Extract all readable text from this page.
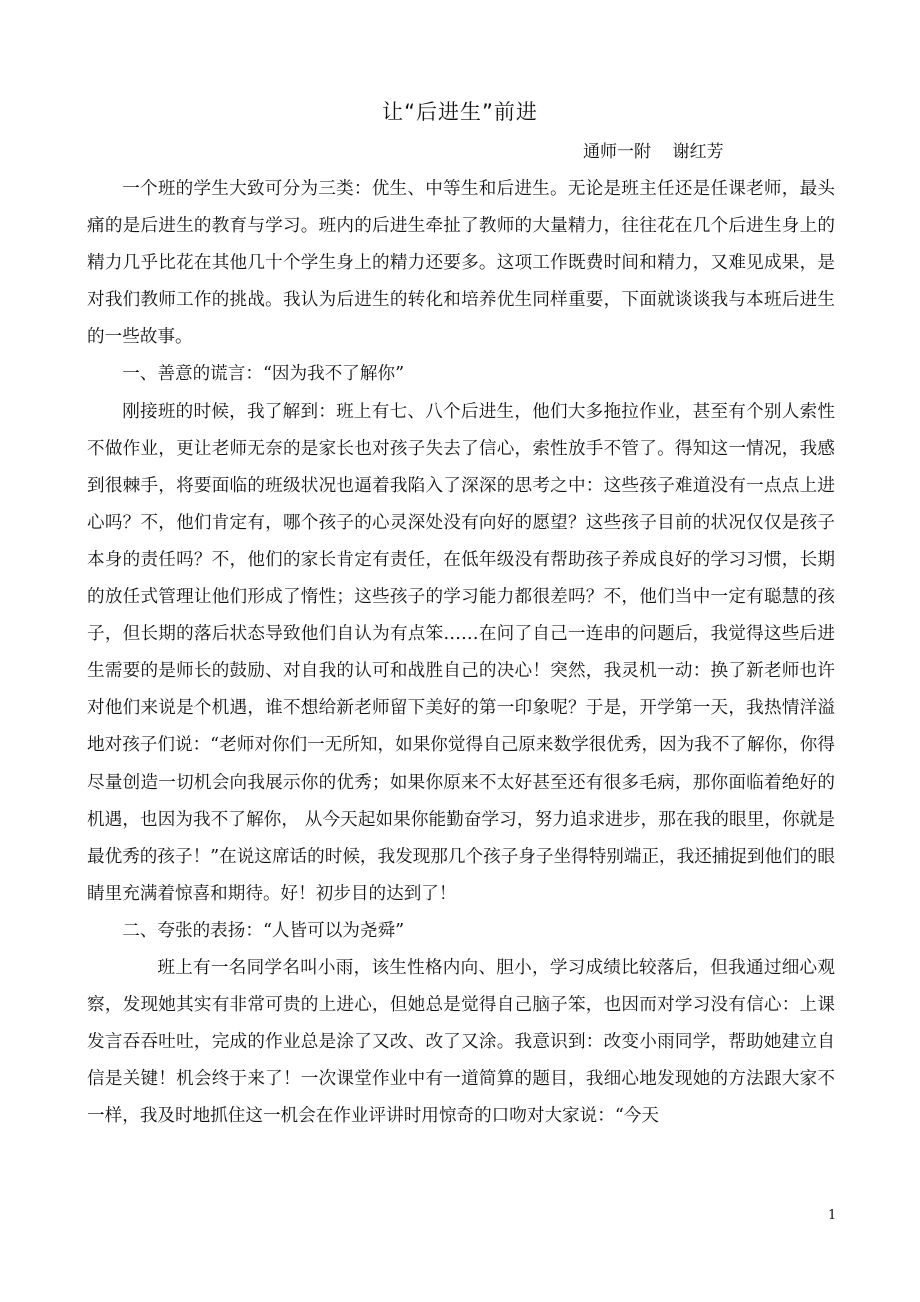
让“后进生”前进
通师一附    谢红芳

一个班的学生大致可分为三类：优生、中等生和后进生。无论是班主任还是任课老师，最头痛的是后进生的教育与学习。班内的后进生牵扯了教师的大量精力，往往花在几个后进生身上的精力几乎比花在其他几十个学生身上的精力还要多。这项工作既费时间和精力，又难见成果，是对我们教师工作的挑战。我认为后进生的转化和培养优生同样重要，下面就谈谈我与本班后进生的一些故事。

一、善意的谎言：“因为我不了解你”

刚接班的时候，我了解到：班上有七、八个后进生，他们大多拖拉作业，甚至有个别人索性不做作业，更让老师无奈的是家长也对孩子失去了信心，索性放手不管了。得知这一情况，我感到很棘手，将要面临的班级状况也逼着我陷入了深深的思考之中：这些孩子难道没有一点点上进心吗？不，他们肯定有，哪个孩子的心灵深处没有向好的愿望？这些孩子目前的状况仅仅是孩子本身的责任吗？不，他们的家长肯定有责任，在低年级没有帮助孩子养成良好的学习习惯，长期的放任式管理让他们形成了惰性；这些孩子的学习能力都很差吗？不，他们当中一定有聪慧的孩子，但长期的落后状态导致他们自认为有点笨……在问了自己一连串的问题后，我觉得这些后进生需要的是师长的鼓励、对自我的认可和战胜自己的决心！突然，我灵机一动：换了新老师也许对他们来说是个机遇，谁不想给新老师留下美好的第一印象呢？于是，开学第一天，我热情洋溢地对孩子们说：“老师对你们一无所知，如果你觉得自己原来数学很优秀，因为我不了解你，你得尽量创造一切机会向我展示你的优秀；如果你原来不太好甚至还有很多毛病，那你面临着绝好的机遇，也因为我不了解你， 从今天起如果你能勤奋学习，努力追求进步，那在我的眼里，你就是最优秀的孩子！”在说这席话的时候，我发现那几个孩子身子坐得特别端正，我还捕捉到他们的眼睛里充满着惊喜和期待。好！初步目的达到了！

二、夸张的表扬：“人皆可以为尧舜”

班上有一名同学名叫小雨，该生性格内向、胆小，学习成绩比较落后，但我通过细心观察，发现她其实有非常可贵的上进心，但她总是觉得自己脑子笨，也因而对学习没有信心：上课发言吞吞吐吐，完成的作业总是涂了又改、改了又涂。我意识到：改变小雨同学，帮助她建立自信是关键！机会终于来了！一次课堂作业中有一道简算的题目，我细心地发现她的方法跟大家不一样，我及时地抓住这一机会在作业评讲时用惊奇的口吻对大家说：“今天

1
